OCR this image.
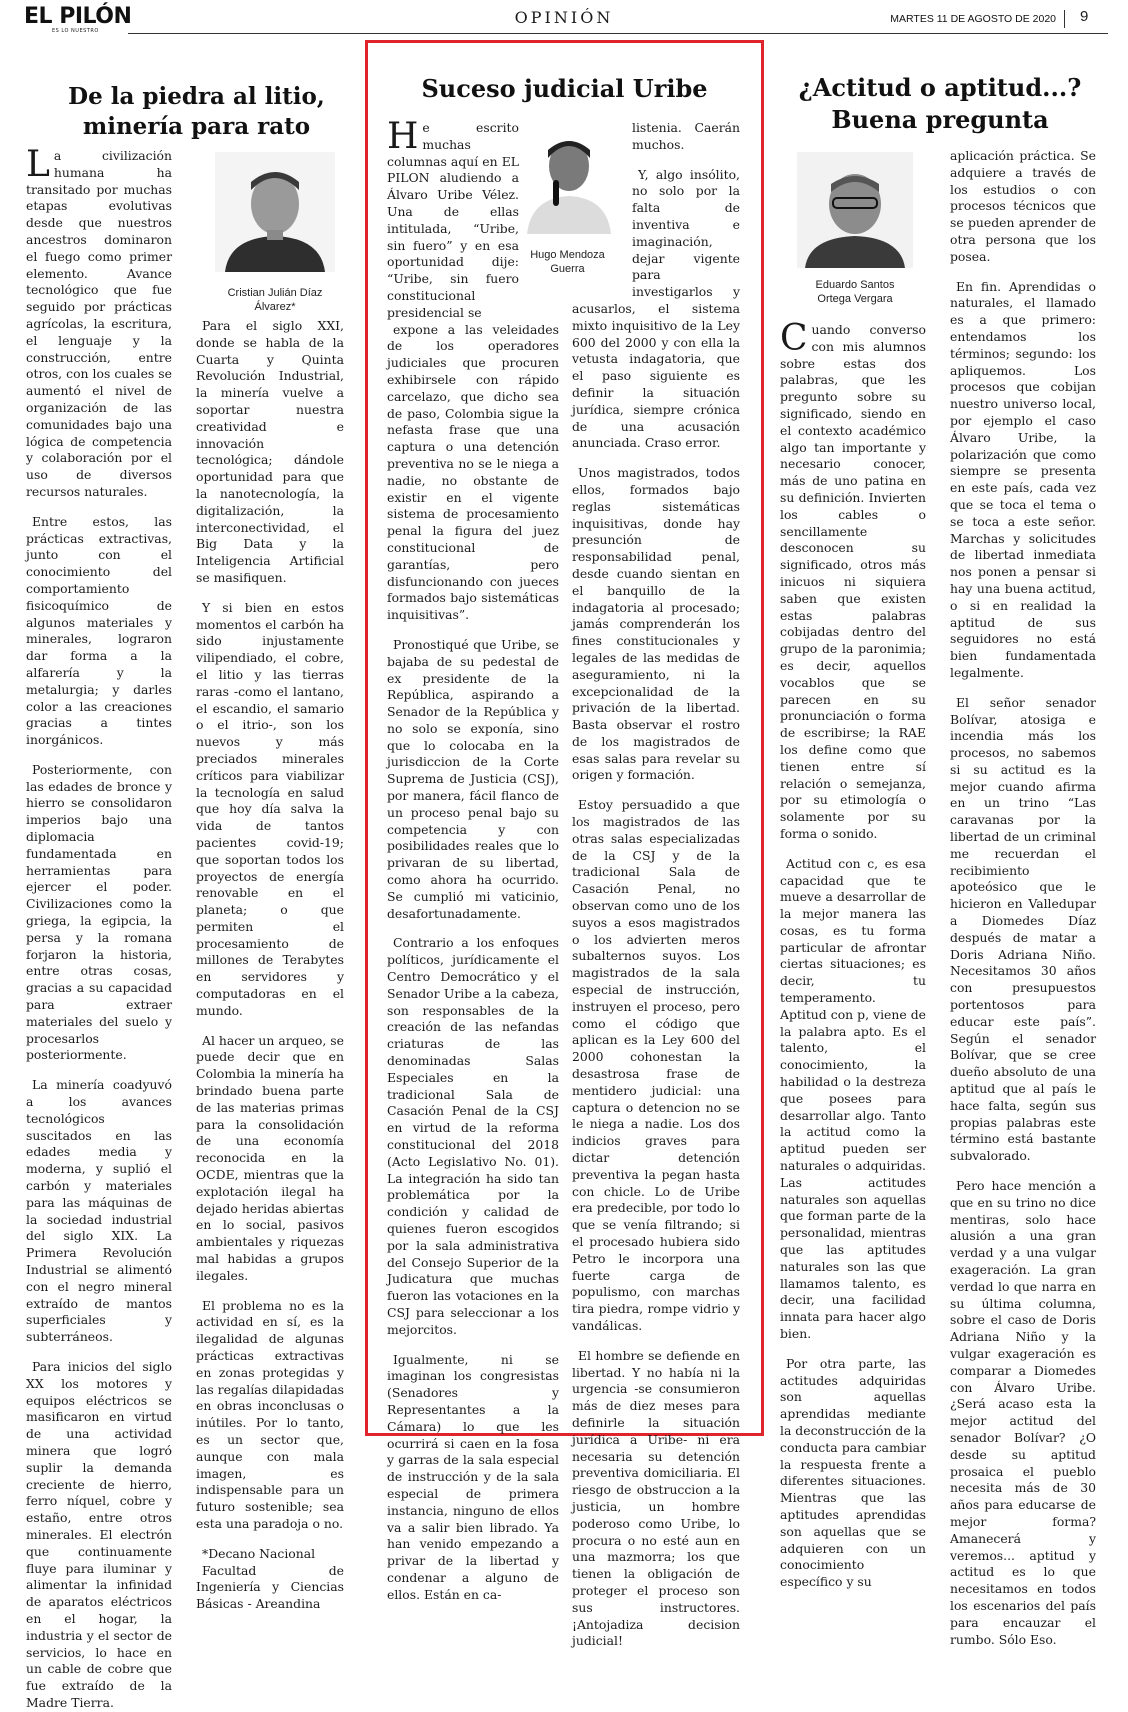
EL PILÓN
ES LO NUESTRO
OPINIÓN	MARTES 11 DE AGOSTO DE 2020 9
De la piedra al litio,
minería para rato

La civilización humana ha transitado por muchas etapas evolutivas desde que nuestros ancestros dominaron el fuego como primer elemento. Avance tecnológico que fue seguido por prácticas agrícolas, la escritura, el lenguaje y la construcción, entre otros, con los cuales se aumentó el nivel de organización de las comunidades bajo una lógica de competencia y colaboración por el uso de diversos recursos naturales.

Entre estos, las prácticas extractivas, junto con el conocimiento del comportamiento fisicoquímico de algunos materiales y minerales, lograron dar forma a la alfarería y la metalurgia; y darles color a las creaciones gracias a tintes inorgánicos.

Posteriormente, con las edades de bronce y hierro se consolidaron imperios bajo una diplomacia fundamentada en herramientas para ejercer el poder. Civilizaciones como la griega, la egipcia, la persa y la romana forjaron la historia, entre otras cosas, gracias a su capacidad para extraer materiales del suelo y procesarlos posteriormente.

La minería coadyuvó a los avances tecnológicos suscitados en las edades media y moderna, y suplió el carbón y materiales para las máquinas de la sociedad industrial del siglo XIX. La Primera Revolución Industrial se alimentó con el negro mineral extraído de mantos superficiales y subterráneos.

Para inicios del siglo XX los motores y equipos eléctricos se masificaron en virtud de una actividad minera que logró suplir la demanda creciente de hierro, ferro níquel, cobre y estaño, entre otros minerales. El electrón que continuamente fluye para iluminar y alimentar la infinidad de aparatos eléctricos en el hogar, la industria y el sector de servicios, lo hace en un cable de cobre que fue extraído de la Madre Tierra.

Cristian Julián Díaz
Álvarez*

Para el siglo XXI, donde se habla de la Cuarta y Quinta Revolución Industrial, la minería vuelve a soportar nuestra creatividad e innovación tecnológica; dándole oportunidad para que la nanotecnología, la digitalización, la interconectividad, el Big Data y la Inteligencia Artificial se masifiquen.

Y si bien en estos momentos el carbón ha sido injustamente vilipendiado, el cobre, el litio y las tierras raras -como el lantano, el escandio, el samario o el itrio-, son los nuevos y más preciados minerales críticos para viabilizar la tecnología en salud que hoy día salva la vida de tantos pacientes covid-19; que soportan todos los proyectos de energía renovable en el planeta; o que permiten el procesamiento de millones de Terabytes en servidores y computadoras en el mundo.

Al hacer un arqueo, se puede decir que en Colombia la minería ha brindado buena parte de las materias primas para la consolidación de una economía reconocida en la OCDE, mientras que la explotación ilegal ha dejado heridas abiertas en lo social, pasivos ambientales y riquezas mal habidas a grupos ilegales.

El problema no es la actividad en sí, es la ilegalidad de algunas prácticas extractivas en zonas protegidas y las regalías dilapidadas en obras inconclusas o inútiles. Por lo tanto, es un sector que, aunque con mala imagen, es indispensable para un futuro sostenible; sea esta una paradoja o no.

*Decano Nacional

Facultad de Ingeniería y Ciencias Básicas - Areandina

Suceso judicial Uribe

He escrito muchas columnas aquí en EL PILON aludiendo a Álvaro Uribe Vélez. Una de ellas intitulada, “Uribe, sin fuero” y en esa oportunidad dije: “Uribe, sin fuero constitucional presidencial se

expone a las veleidades de los operadores judiciales que procuren exhibirsele con rápido carcelazo, que dicho sea de paso, Colombia sigue la nefasta frase que una captura o una detención preventiva no se le niega a nadie, no obstante de existir en el vigente sistema de procesamiento penal la figura del juez constitucional de garantías, pero disfuncionando con jueces formados bajo sistemáticas inquisitivas”.

Pronostiqué que Uribe, se bajaba de su pedestal de ex presidente de la República, aspirando a Senador de la República y no solo se exponía, sino que lo colocaba en la jurisdiccion de la Corte Suprema de Justicia (CSJ), por manera, fácil flanco de un proceso penal bajo su competencia y con posibilidades reales que lo privaran de su libertad, como ahora ha ocurrido. Se cumplió mi vaticinio, desafortunadamente.

Contrario a los enfoques políticos, jurídicamente el Centro Democrático y el Senador Uribe a la cabeza, son responsables de la creación de las nefandas criaturas de las denominadas Salas Especiales en la tradicional Sala de Casación Penal de la CSJ en virtud de la reforma constitucional del 2018 (Acto Legislativo No. 01). La integración ha sido tan problemática por la condición y calidad de quienes fueron escogidos por la sala administrativa del Consejo Superior de la Judicatura que muchas fueron las votaciones en la CSJ para seleccionar a los mejorcitos.

Igualmente, ni se imaginan los congresistas (Senadores y Representantes a la Cámara) lo que les ocurrirá si caen en la fosa y garras de la sala especial de instrucción y de la sala especial de primera instancia, ninguno de ellos va a salir bien librado. Ya han venido empezando a privar de la libertad y condenar a alguno de ellos. Están en ca-

Hugo Mendoza
Guerra

listenia. Caerán muchos.

Y, algo insólito, no solo por la falta de inventiva e imaginación, dejar vigente para investigarlos y acusarlos, el sistema mixto inquisitivo de la Ley 600 del 2000 y con ella la vetusta indagatoria, que el paso siguiente es definir la situación jurídica, siempre crónica de una acusación anunciada. Craso error.

Unos magistrados, todos ellos, formados bajo reglas sistemáticas inquisitivas, donde hay presunción de responsabilidad penal, desde cuando sientan en el banquillo de la indagatoria al procesado; jamás comprenderán los fines constitucionales y legales de las medidas de aseguramiento, ni la excepcionalidad de la privación de la libertad. Basta observar el rostro de los magistrados de esas salas para revelar su origen y formación.

Estoy persuadido a que los magistrados de las otras salas especializadas de la CSJ y de la tradicional Sala de Casación Penal, no observan como uno de los suyos a esos magistrados o los advierten meros subalternos suyos. Los magistrados de la sala especial de instrucción, instruyen el proceso, pero como el código que aplican es la Ley 600 del 2000 cohonestan la desastrosa frase de mentidero judicial: una captura o detencion no se le niega a nadie. Los dos indicios graves para dictar detención preventiva la pegan hasta con chicle. Lo de Uribe era predecible, por todo lo que se venía filtrando; si el procesado hubiera sido Petro le incorpora una fuerte carga de populismo, con marchas tira piedra, rompe vidrio y vandálicas.

El hombre se defiende en libertad. Y no había ni la urgencia -se consumieron más de diez meses para definirle la situación jurídica a Uribe- ni era necesaria su detención preventiva domiciliaria. El riesgo de obstruccion a la justicia, un hombre poderoso como Uribe, lo procura o no esté aun en una mazmorra; los que tienen la obligación de proteger el proceso son sus instructores.¡Antojadiza decision judicial!

¿Actitud o aptitud...?
Buena pregunta
Eduardo Santos
Ortega Vergara

Cuando converso con mis alumnos sobre estas dos palabras, que les pregunto sobre su significado, siendo en el contexto académico algo tan importante y necesario conocer, más de uno patina en su definición. Invierten los cables o sencillamente desconocen su significado, otros más inicuos ni siquiera saben que existen estas palabras cobijadas dentro del grupo de la paronimia; es decir, aquellos vocablos que se parecen en su pronunciación o forma de escribirse; la RAE los define como que tienen entre sí relación o semejanza, por su etimología o solamente por su forma o sonido.

Actitud con c, es esa capacidad que te mueve a desarrollar de la mejor manera las cosas, es tu forma particular de afrontar ciertas situaciones; es decir, tu temperamento. Aptitud con p, viene de la palabra apto. Es el talento, el conocimiento, la habilidad o la destreza que posees para desarrollar algo. Tanto la actitud como la aptitud pueden ser naturales o adquiridas. Las actitudes naturales son aquellas que forman parte de la personalidad, mientras que las aptitudes naturales son las que llamamos talento, es decir, una facilidad innata para hacer algo bien.

Por otra parte, las actitudes adquiridas son aquellas aprendidas mediante la deconstrucción de la conducta para cambiar la respuesta frente a diferentes situaciones. Mientras que las aptitudes aprendidas son aquellas que se adquieren con un conocimiento específico y su

aplicación práctica. Se adquiere a través de los estudios o con procesos técnicos que se pueden aprender de otra persona que los posea.

En fin. Aprendidas o naturales, el llamado es a que primero: entendamos los términos; segundo: los apliquemos. Los procesos que cobijan nuestro universo local, por ejemplo el caso Álvaro Uribe, la polarización que como siempre se presenta en este país, cada vez que se toca el tema o se toca a este señor. Marchas y solicitudes de libertad inmediata nos ponen a pensar si hay una buena actitud, o si en realidad la aptitud de sus seguidores no está bien fundamentada legalmente.

El señor senador Bolívar, atosiga e incendia más los procesos, no sabemos si su actitud es la mejor cuando afirma en un trino “Las caravanas por la libertad de un criminal me recuerdan el recibimiento apoteósico que le hicieron en Valledupar a Diomedes Díaz después de matar a Doris Adriana Niño. Necesitamos 30 años con presupuestos portentosos para educar este país”. Según el senador Bolívar, que se cree dueño absoluto de una aptitud que al país le hace falta, según sus propias palabras este término está bastante subvalorado.

Pero hace mención a que en su trino no dice mentiras, solo hace alusión a una gran verdad y a una vulgar exageración. La gran verdad lo que narra en su última columna, sobre el caso de Doris Adriana Niño y la vulgar exageración es comparar a Diomedes con Álvaro Uribe. ¿Será acaso esta la mejor actitud del senador Bolívar? ¿O desde su aptitud prosaica el pueblo necesita más de 30 años para educarse de mejor forma? Amanecerá y veremos... aptitud y actitud es lo que necesitamos en todos los escenarios del país para encauzar el rumbo. Sólo Eso.
